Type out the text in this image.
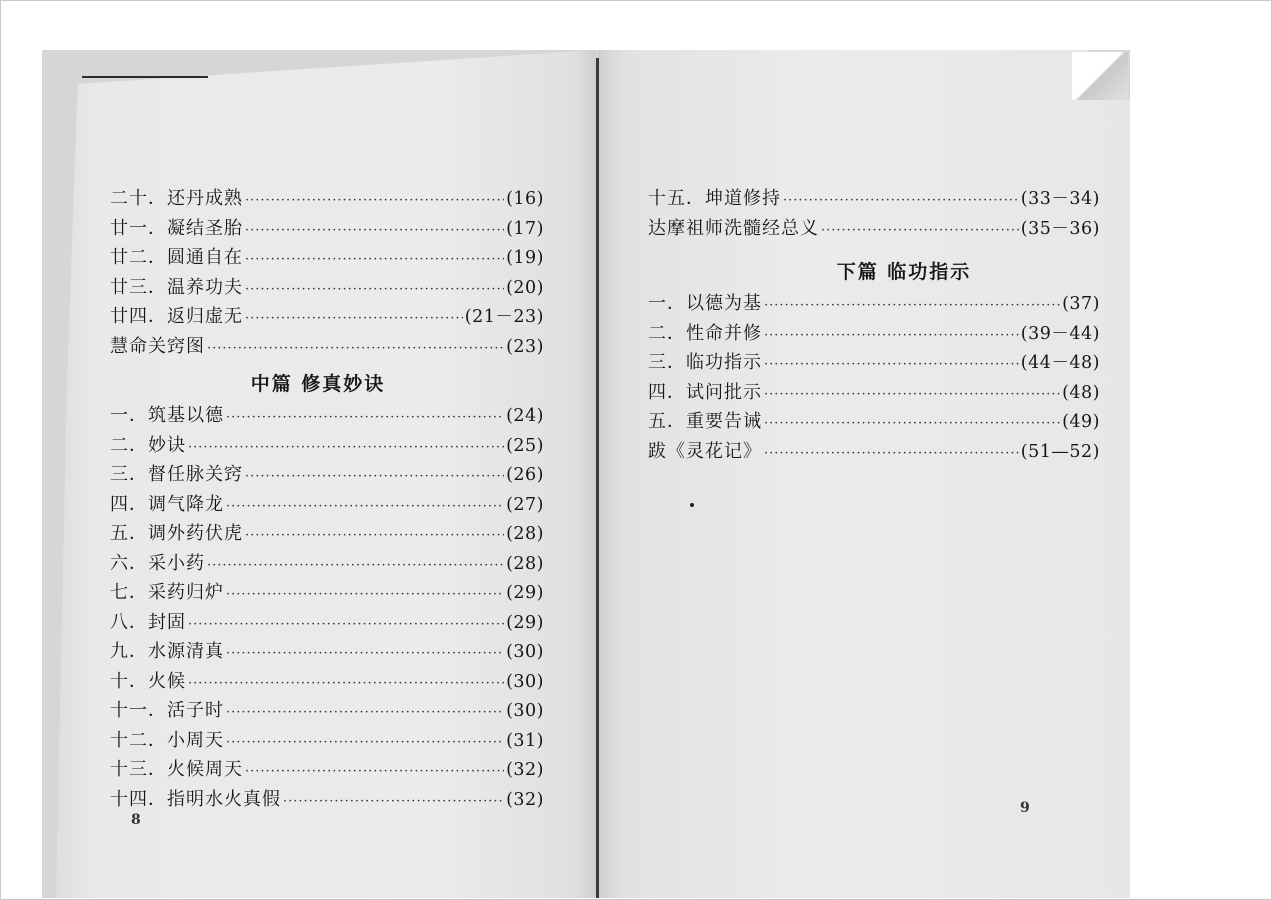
二十．还丹成熟 ·····	(16)
廿一．凝结圣胎 ·····	(17)
廿二．圆通自在 ·····	(19)
廿三．温养功夫 ·····	(20)
廿四．返归虚无 ·····	(21－23)
慧命关窍图 ·····	(23)
中篇 修真妙诀
一．筑基以德 ·····	(24)
二．妙诀 ·····	(25)
三．督任脉关窍 ·····	(26)
四．调气降龙 ·····	(27)
五．调外药伏虎 ·····	(28)
六．采小药 ·····	(28)
七．采药归炉 ·····	(29)
八．封固 ·····	(29)
九．水源清真 ·····	(30)
十．火候 ·····	(30)
十一．活子时 ·····	(30)
十二．小周天 ·····	(31)
十三．火候周天 ·····	(32)
十四．指明水火真假 ·····	(32)
十五．坤道修持 ·····	(33－34)
达摩祖师洗髓经总义 ·····	(35－36)
下篇 临功指示
一．以德为基 ·····	(37)
二．性命并修 ·····	(39－44)
三．临功指示 ·····	(44－48)
四．试问批示 ·····	(48)
五．重要告诫 ·····	(49)
跋《灵花记》 ·····	(51—52)
8
9
